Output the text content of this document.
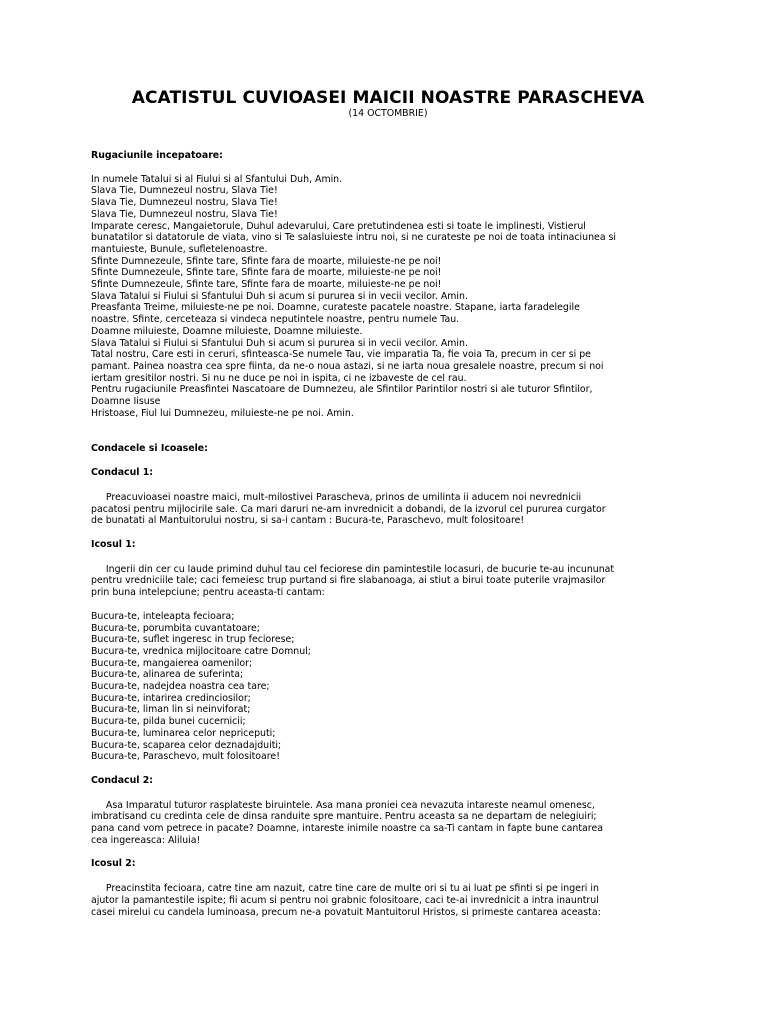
ACATISTUL CUVIOASEI MAICII NOASTRE PARASCHEVA
(14 OCTOMBRIE)
Rugaciunile incepatoare:

In numele Tatalui si al Fiului si al Sfantului Duh, Amin.

Slava Tie, Dumnezeul nostru, Slava Tie!

Slava Tie, Dumnezeul nostru, Slava Tie!

Slava Tie, Dumnezeul nostru, Slava Tie!

Imparate ceresc, Mangaietorule, Duhul adevarului, Care pretutindenea esti si toate le implinesti, Vistierul

bunatatilor si datatorule de viata, vino si Te salasluieste intru noi, si ne curateste pe noi de toata intinaciunea si

mantuieste, Bunule, sufletelenoastre.

Sfinte Dumnezeule, Sfinte tare, Sfinte fara de moarte, miluieste-ne pe noi!

Sfinte Dumnezeule, Sfinte tare, Sfinte fara de moarte, miluieste-ne pe noi!

Sfinte Dumnezeule, Sfinte tare, Sfinte fara de moarte, miluieste-ne pe noi!

Slava Tatalui si Fiului si Sfantului Duh si acum si pururea si in vecii vecilor. Amin.

Preasfanta Treime, miluieste-ne pe noi. Doamne, curateste pacatele noastre. Stapane, iarta faradelegile

noastre. Sfinte, cerceteaza si vindeca neputintele noastre, pentru numele Tau.

Doamne miluieste, Doamne miluieste, Doamne miluieste.

Slava Tatalui si Fiului si Sfantului Duh si acum si pururea si in vecii vecilor. Amin.

Tatal nostru, Care esti in ceruri, sfinteasca-Se numele Tau, vie imparatia Ta, fie voia Ta, precum in cer si pe

pamant. Painea noastra cea spre fiinta, da ne-o noua astazi, si ne iarta noua gresalele noastre, precum si noi

iertam gresitilor nostri. Si nu ne duce pe noi in ispita, ci ne izbaveste de cel rau.

Pentru rugaciunile Preasfintei Nascatoare de Dumnezeu, ale Sfintilor Parintilor nostri si ale tuturor Sfintilor,

Doamne Iisuse

Hristoase, Fiul lui Dumnezeu, miluieste-ne pe noi. Amin.

Condacele si Icoasele:
Condacul 1:

Preacuvioasei noastre maici, mult-milostivei Parascheva, prinos de umilinta ii aducem noi nevrednicii

pacatosi pentru mijlocirile sale. Ca mari daruri ne-am invrednicit a dobandi, de la izvorul cel pururea curgator

de bunatati al Mantuitorului nostru, si sa-i cantam : Bucura-te, Paraschevo, mult folositoare!

Icosul 1:

Ingerii din cer cu laude primind duhul tau cel feciorese din pamintestile locasuri, de bucurie te-au incununat

pentru vredniciile tale; caci femeiesc trup purtand si fire slabanoaga, ai stiut a birui toate puterile vrajmasilor

prin buna intelepciune; pentru aceasta-ti cantam:

Bucura-te, inteleapta fecioara;

Bucura-te, porumbita cuvantatoare;

Bucura-te, suflet ingeresc in trup feciorese;

Bucura-te, vrednica mijlocitoare catre Domnul;

Bucura-te, mangaierea oamenilor;

Bucura-te, alinarea de suferinta;

Bucura-te, nadejdea noastra cea tare;

Bucura-te, intarirea credinciosilor;

Bucura-te, liman lin si neinviforat;

Bucura-te, pilda bunei cucernicii;

Bucura-te, luminarea celor nepriceputi;

Bucura-te, scaparea celor deznadajduiti;

Bucura-te, Paraschevo, mult folositoare!

Condacul 2:

Asa Imparatul tuturor rasplateste biruintele. Asa mana proniei cea nevazuta intareste neamul omenesc,

imbratisand cu credinta cele de dinsa randuite spre mantuire. Pentru aceasta sa ne departam de nelegiuiri;

pana cand vom petrece in pacate? Doamne, intareste inimile noastre ca sa-Ti cantam in fapte bune cantarea

cea ingereasca: Aliluia!

Icosul 2:

Preacinstita fecioara, catre tine am nazuit, catre tine care de multe ori si tu ai luat pe sfinti si pe ingeri in

ajutor la pamantestile ispite; fii acum si pentru noi grabnic folositoare, caci te-ai invrednicit a intra inauntrul

casei mirelui cu candela luminoasa, precum ne-a povatuit Mantuitorul Hristos, si primeste cantarea aceasta:
